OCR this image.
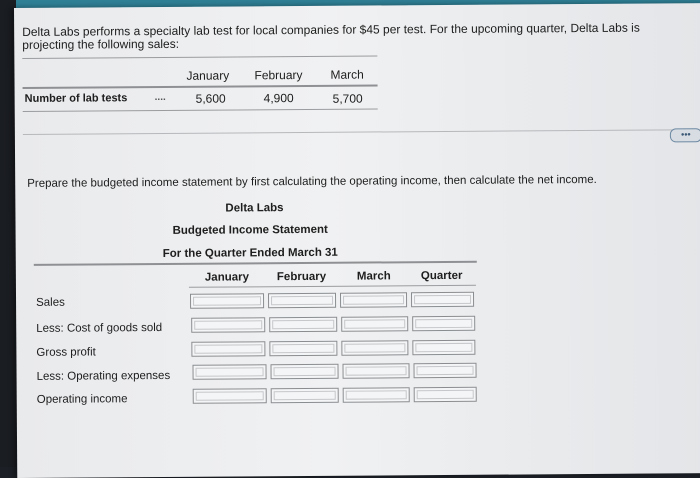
Delta Labs performs a specialty lab test for local companies for $45 per test. For the upcoming quarter, Delta Labs is
projecting the following sales:
January February March
Number of lab tests	.... 5,600	4,900	5,700
•••
Prepare the budgeted income statement by first calculating the operating income, then calculate the net income.
Delta Labs
Budgeted Income Statement
For the Quarter Ended March 31
January February	March	Quarter
Sales
Less: Cost of goods sold
Gross profit
Less: Operating expenses
Operating income
